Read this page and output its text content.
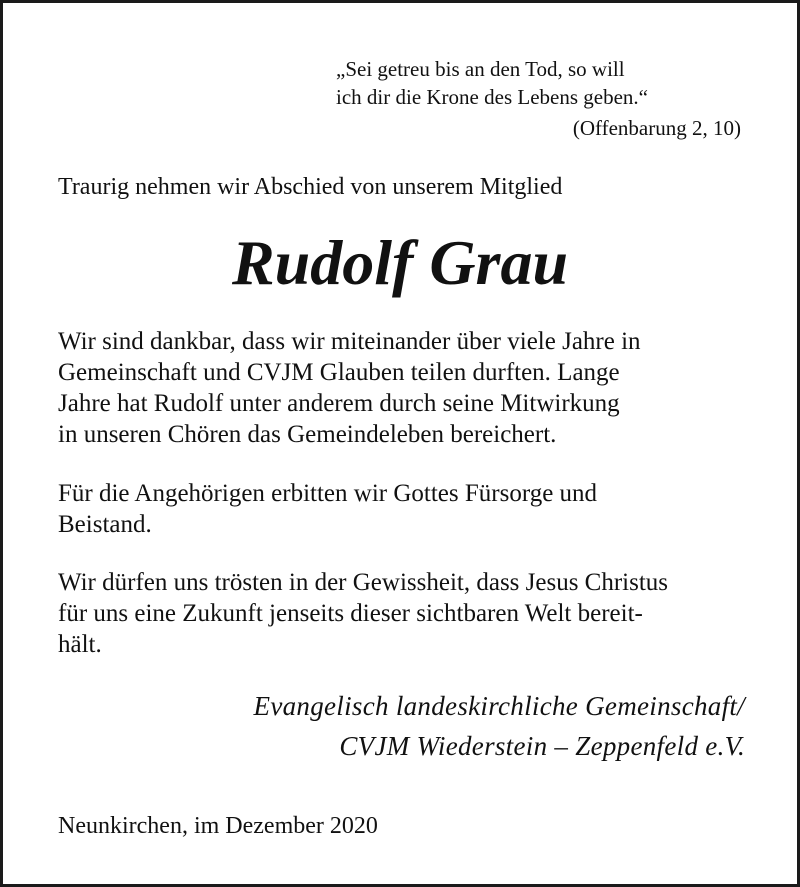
„Sei getreu bis an den Tod, so will
ich dir die Krone des Lebens geben.“
(Offenbarung 2, 10)
Traurig nehmen wir Abschied von unserem Mitglied
Rudolf Grau
Wir sind dankbar, dass wir miteinander über viele Jahre in
Gemeinschaft und CVJM Glauben teilen durften. Lange
Jahre hat Rudolf unter anderem durch seine Mitwirkung
in unseren Chören das Gemeindeleben bereichert.
Für die Angehörigen erbitten wir Gottes Fürsorge und
Beistand.
Wir dürfen uns trösten in der Gewissheit, dass Jesus Christus
für uns eine Zukunft jenseits dieser sichtbaren Welt bereit-
hält.
Evangelisch landeskirchliche Gemeinschaft/
CVJM Wiederstein – Zeppenfeld e.V.
Neunkirchen, im Dezember 2020
